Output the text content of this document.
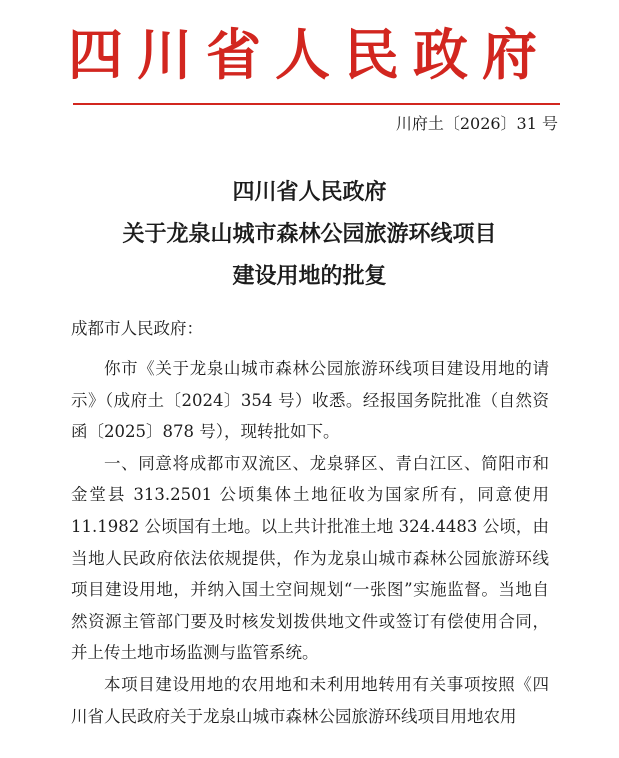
四川省人民政府
川府土〔2026〕31 号
四川省人民政府
关于龙泉山城市森林公园旅游环线项目
建设用地的批复
成都市人民政府：

你市《关于龙泉山城市森林公园旅游环线项目建设用地的请示》（成府土〔2024〕354 号）收悉。经报国务院批准（自然资函〔2025〕878 号），现转批如下。

一、同意将成都市双流区、龙泉驿区、青白江区、简阳市和金堂县 313.2501 公顷集体土地征收为国家所有，同意使用 11.1982 公顷国有土地。以上共计批准土地 324.4483 公顷，由当地人民政府依法依规提供，作为龙泉山城市森林公园旅游环线项目建设用地，并纳入国土空间规划“一张图”实施监督。当地自然资源主管部门要及时核发划拨供地文件或签订有偿使用合同，并上传土地市场监测与监管系统。

本项目建设用地的农用地和未利用地转用有关事项按照《四川省人民政府关于龙泉山城市森林公园旅游环线项目用地农用
